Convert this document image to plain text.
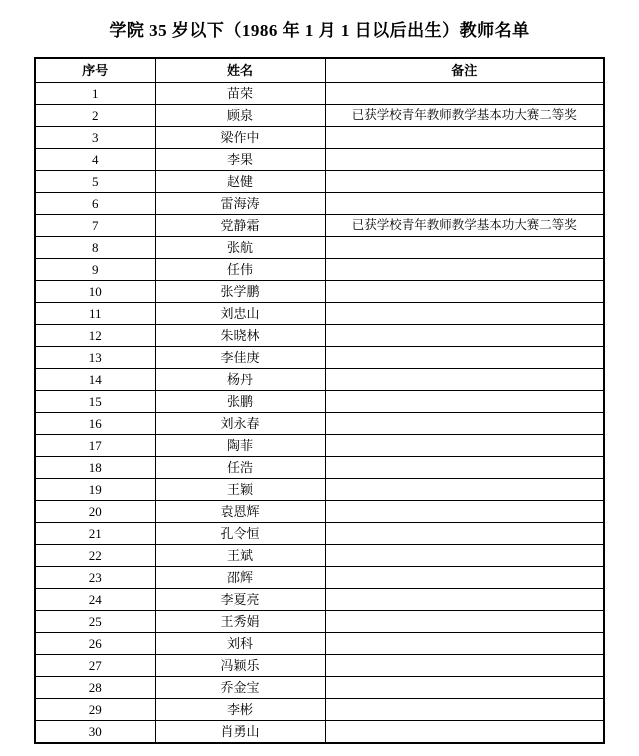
学院 35 岁以下（1986 年 1 月 1 日以后出生）教师名单
序号	姓名	备注
1	苗荣	
2	顾泉	已获学校青年教师教学基本功大赛二等奖
3	梁作中	
4	李果	
5	赵健	
6	雷海涛	
7	党静霜	已获学校青年教师教学基本功大赛二等奖
8	张航	
9	任伟	
10	张学鹏	
11	刘忠山	
12	朱晓林	
13	李佳庚	
14	杨丹	
15	张鹏	
16	刘永春	
17	陶菲	
18	任浩	
19	王颖	
20	袁恩辉	
21	孔令恒	
22	王斌	
23	邵辉	
24	李夏亮	
25	王秀娟	
26	刘科	
27	冯颖乐	
28	乔金宝	
29	李彬	
30	肖勇山	
